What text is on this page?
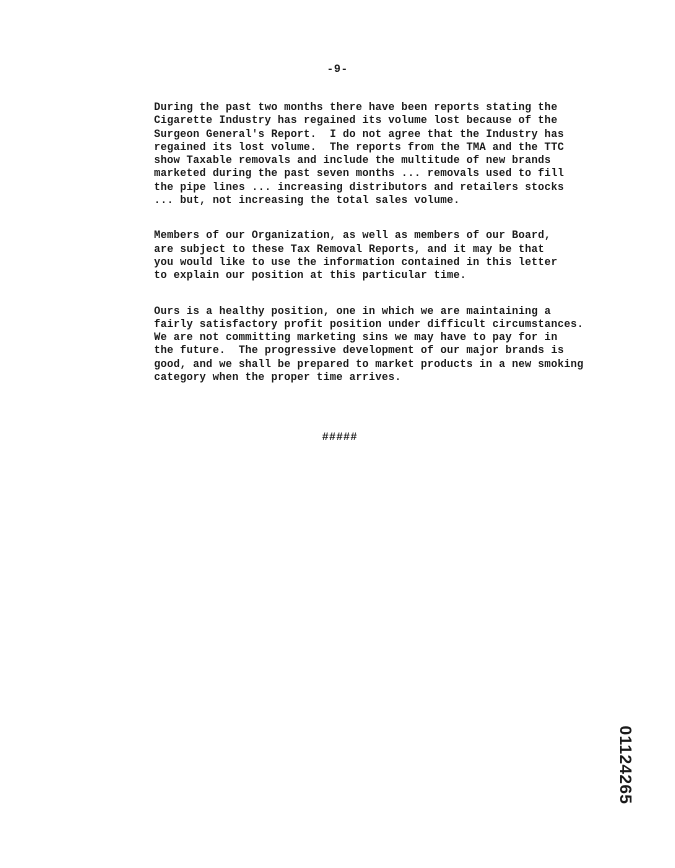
-9-
During the past two months there have been reports stating the
Cigarette Industry has regained its volume lost because of the
Surgeon General's Report.  I do not agree that the Industry has
regained its lost volume.  The reports from the TMA and the TTC
show Taxable removals and include the multitude of new brands
marketed during the past seven months ... removals used to fill
the pipe lines ... increasing distributors and retailers stocks
... but, not increasing the total sales volume.
Members of our Organization, as well as members of our Board,
are subject to these Tax Removal Reports, and it may be that
you would like to use the information contained in this letter
to explain our position at this particular time.
Ours is a healthy position, one in which we are maintaining a
fairly satisfactory profit position under difficult circumstances.
We are not committing marketing sins we may have to pay for in
the future.  The progressive development of our major brands is
good, and we shall be prepared to market products in a new smoking
category when the proper time arrives.
#####
01124265
